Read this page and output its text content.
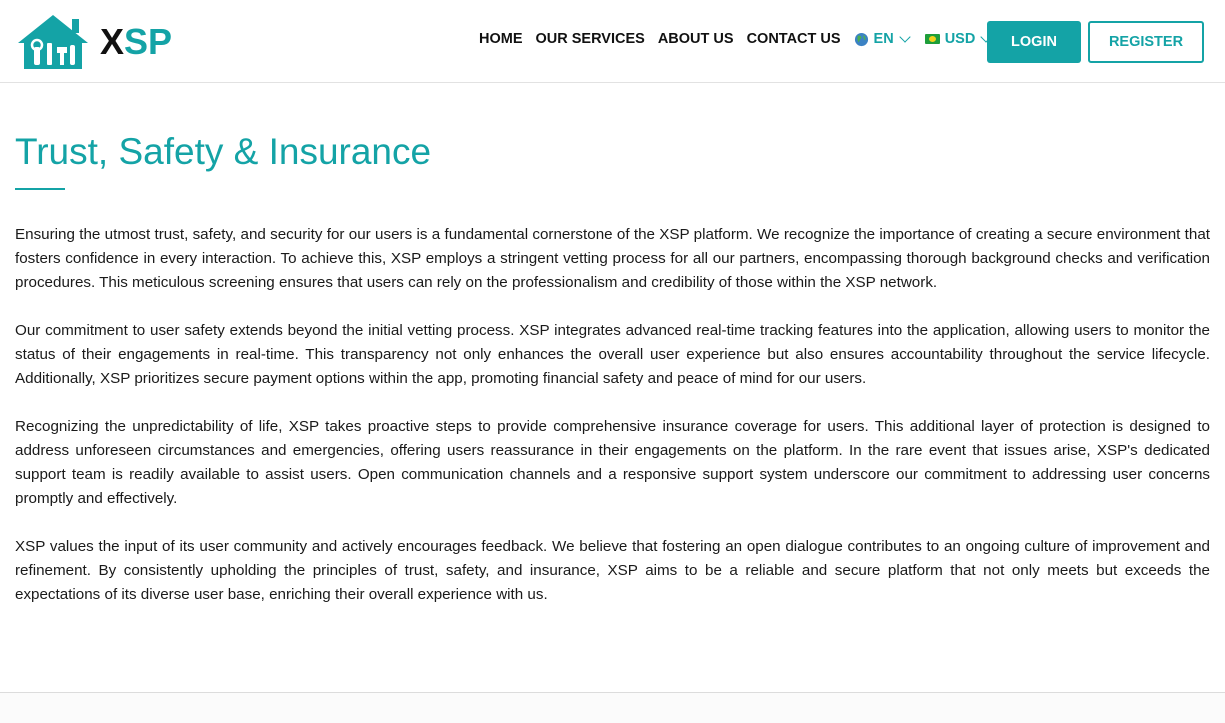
XSP	HOME OUR SERVICES ABOUT US CONTACT US EN	USD	LOGIN	REGISTER
Trust, Safety & Insurance

Ensuring the utmost trust, safety, and security for our users is a fundamental cornerstone of the XSP platform. We recognize the importance of creating a secure environment that fosters confidence in every interaction. To achieve this, XSP employs a stringent vetting process for all our partners, encompassing thorough background checks and verification procedures. This meticulous screening ensures that users can rely on the professionalism and credibility of those within the XSP network.

Our commitment to user safety extends beyond the initial vetting process. XSP integrates advanced real-time tracking features into the application, allowing users to monitor the status of their engagements in real-time. This transparency not only enhances the overall user experience but also ensures accountability throughout the service lifecycle. Additionally, XSP prioritizes secure payment options within the app, promoting financial safety and peace of mind for our users.

Recognizing the unpredictability of life, XSP takes proactive steps to provide comprehensive insurance coverage for users. This additional layer of protection is designed to address unforeseen circumstances and emergencies, offering users reassurance in their engagements on the platform. In the rare event that issues arise, XSP's dedicated support team is readily available to assist users. Open communication channels and a responsive support system underscore our commitment to addressing user concerns promptly and effectively.

XSP values the input of its user community and actively encourages feedback. We believe that fostering an open dialogue contributes to an ongoing culture of improvement and refinement. By consistently upholding the principles of trust, safety, and insurance, XSP aims to be a reliable and secure platform that not only meets but exceeds the expectations of its diverse user base, enriching their overall experience with us.
